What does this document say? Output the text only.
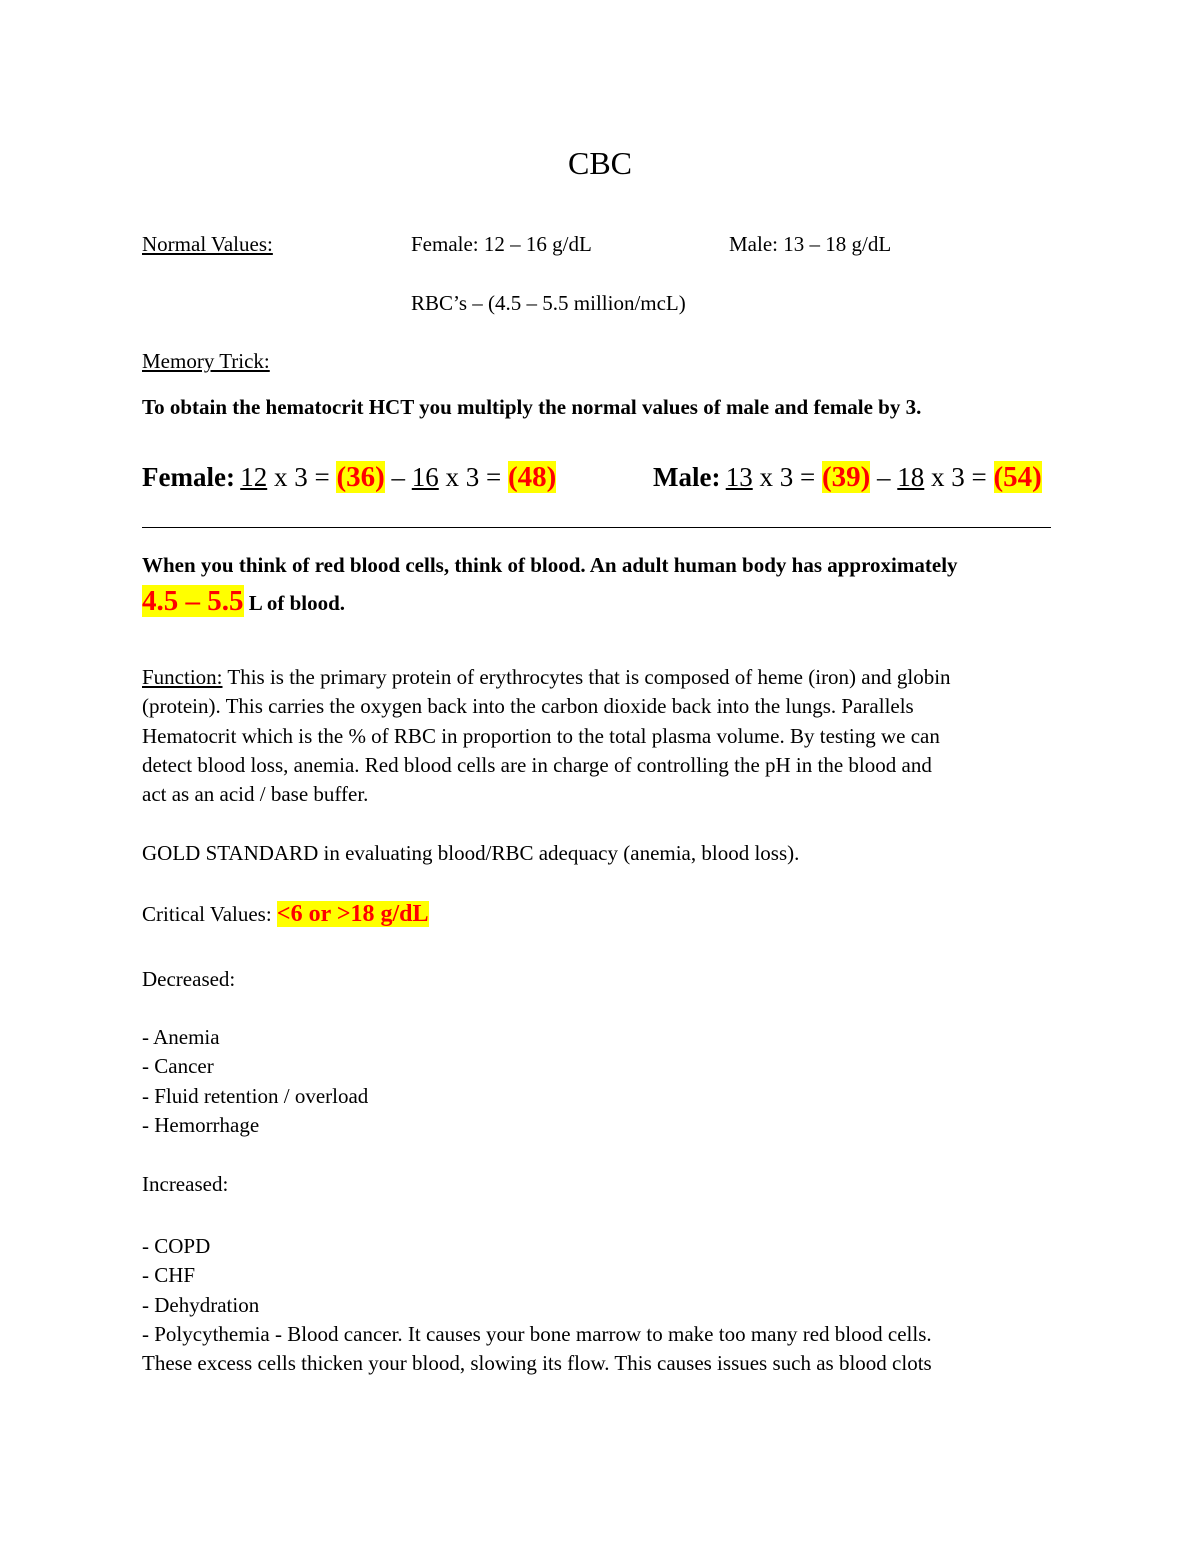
CBC
Normal Values:	Female: 12 – 16 g/dL	Male: 13 – 18 g/dL
RBC’s – (4.5 – 5.5 million/mcL)
Memory Trick:
To obtain the hematocrit HCT you multiply the normal values of male and female by 3.
Female: 12 x 3 = (36) – 16 x 3 = (48)	Male: 13 x 3 = (39) – 18 x 3 = (54)
When you think of red blood cells, think of blood. An adult human body has approximately
4.5 – 5.5 L of blood.
Function: This is the primary protein of erythrocytes that is composed of heme (iron) and globin
(protein). This carries the oxygen back into the carbon dioxide back into the lungs. Parallels
Hematocrit which is the % of RBC in proportion to the total plasma volume. By testing we can
detect blood loss, anemia. Red blood cells are in charge of controlling the pH in the blood and
act as an acid / base buffer.
GOLD STANDARD in evaluating blood/RBC adequacy (anemia, blood loss).
Critical Values: <6 or >18 g/dL
Decreased:
- Anemia
- Cancer
- Fluid retention / overload
- Hemorrhage
Increased:
- COPD
- CHF
- Dehydration
- Polycythemia - Blood cancer. It causes your bone marrow to make too many red blood cells.
These excess cells thicken your blood, slowing its flow. This causes issues such as blood clots
